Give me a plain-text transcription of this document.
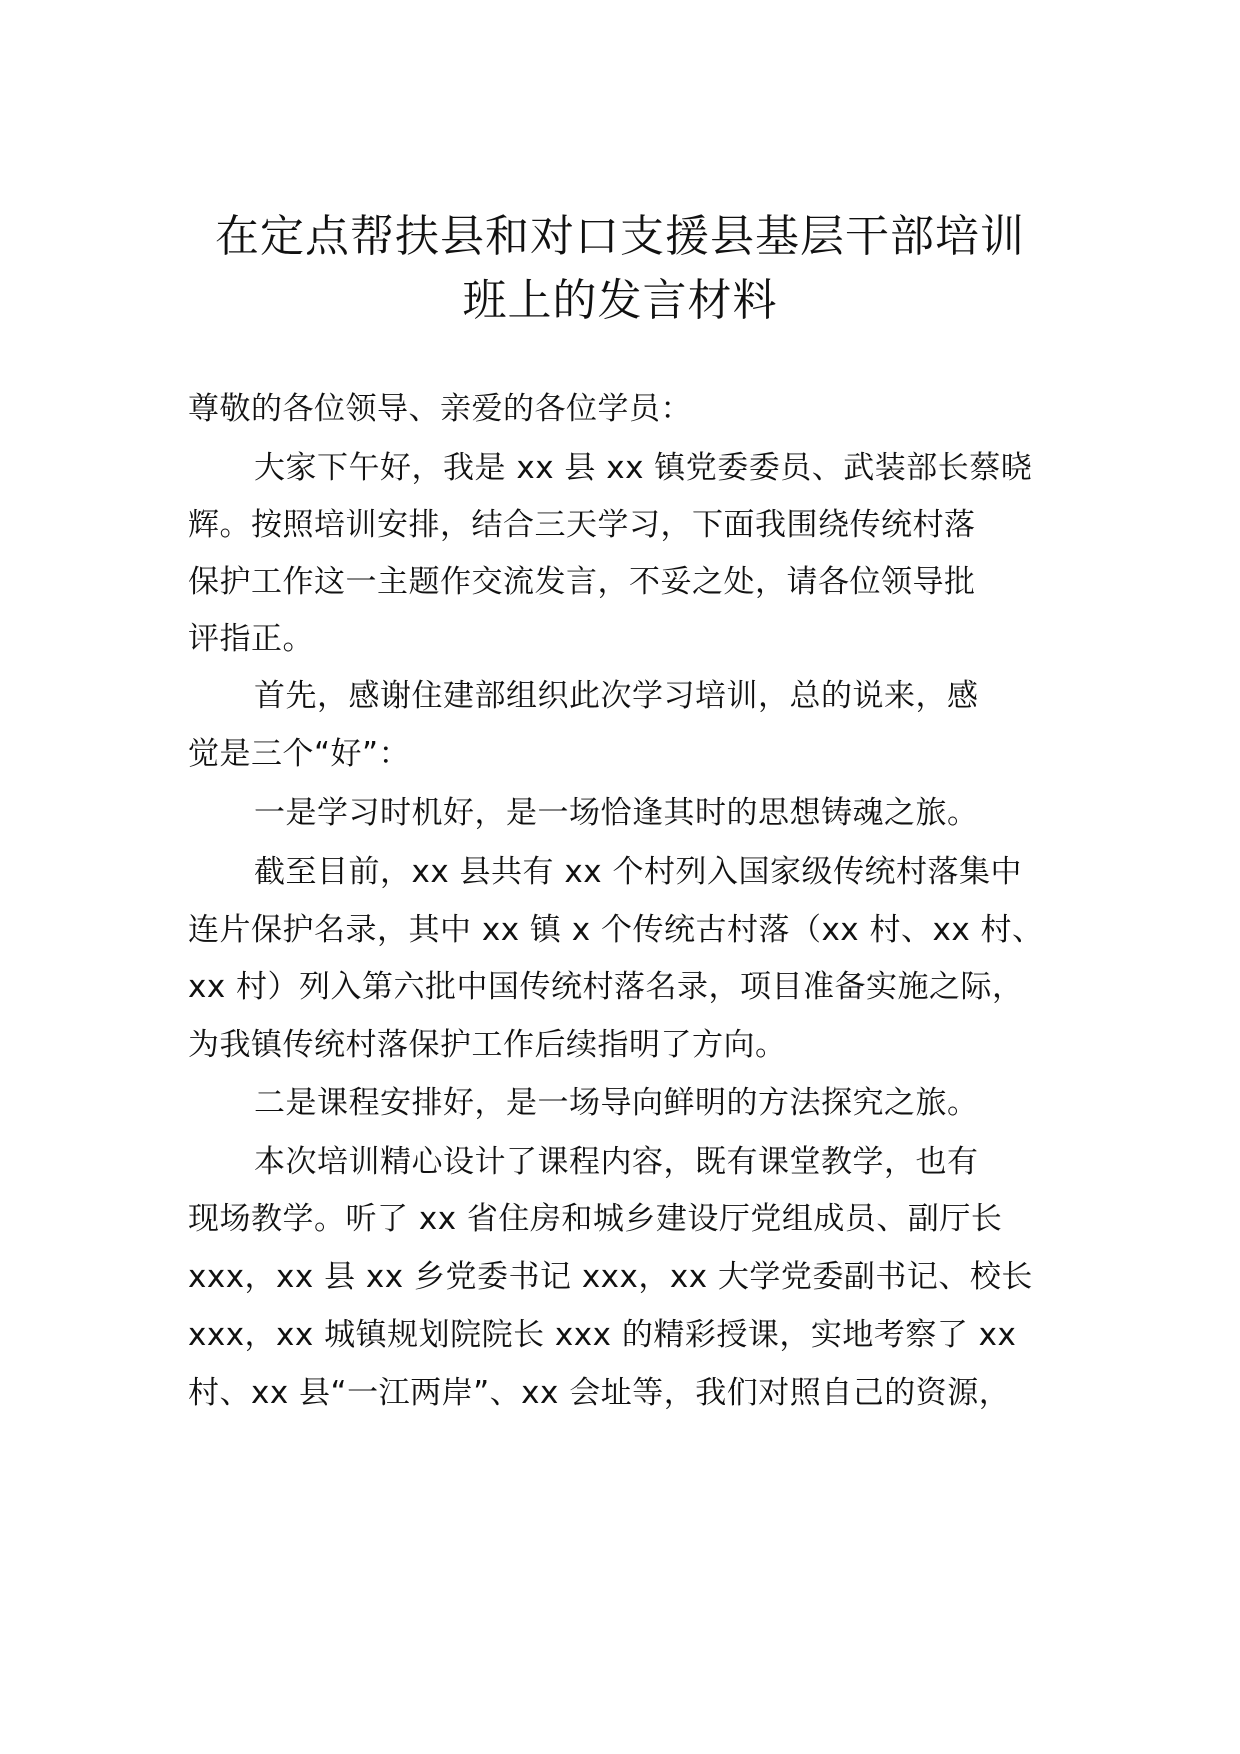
在定点帮扶县和对口支援县基层干部培训
班上的发言材料
尊敬的各位领导、亲爱的各位学员：
大家下午好，我是 xx 县 xx 镇党委委员、武装部长蔡晓
辉。按照培训安排，结合三天学习，下面我围绕传统村落
保护工作这一主题作交流发言，不妥之处，请各位领导批
评指正。
首先，感谢住建部组织此次学习培训，总的说来，感
觉是三个“好”：
一是学习时机好，是一场恰逢其时的思想铸魂之旅。
截至目前，xx 县共有 xx 个村列入国家级传统村落集中
连片保护名录，其中 xx 镇 x 个传统古村落（xx 村、xx 村、
xx 村）列入第六批中国传统村落名录，项目准备实施之际，
为我镇传统村落保护工作后续指明了方向。
二是课程安排好，是一场导向鲜明的方法探究之旅。
本次培训精心设计了课程内容，既有课堂教学，也有
现场教学。听了 xx 省住房和城乡建设厅党组成员、副厅长
xxx，xx 县 xx 乡党委书记 xxx，xx 大学党委副书记、校长
xxx，xx 城镇规划院院长 xxx 的精彩授课，实地考察了 xx
村、xx 县“一江两岸”、xx 会址等，我们对照自己的资源，
